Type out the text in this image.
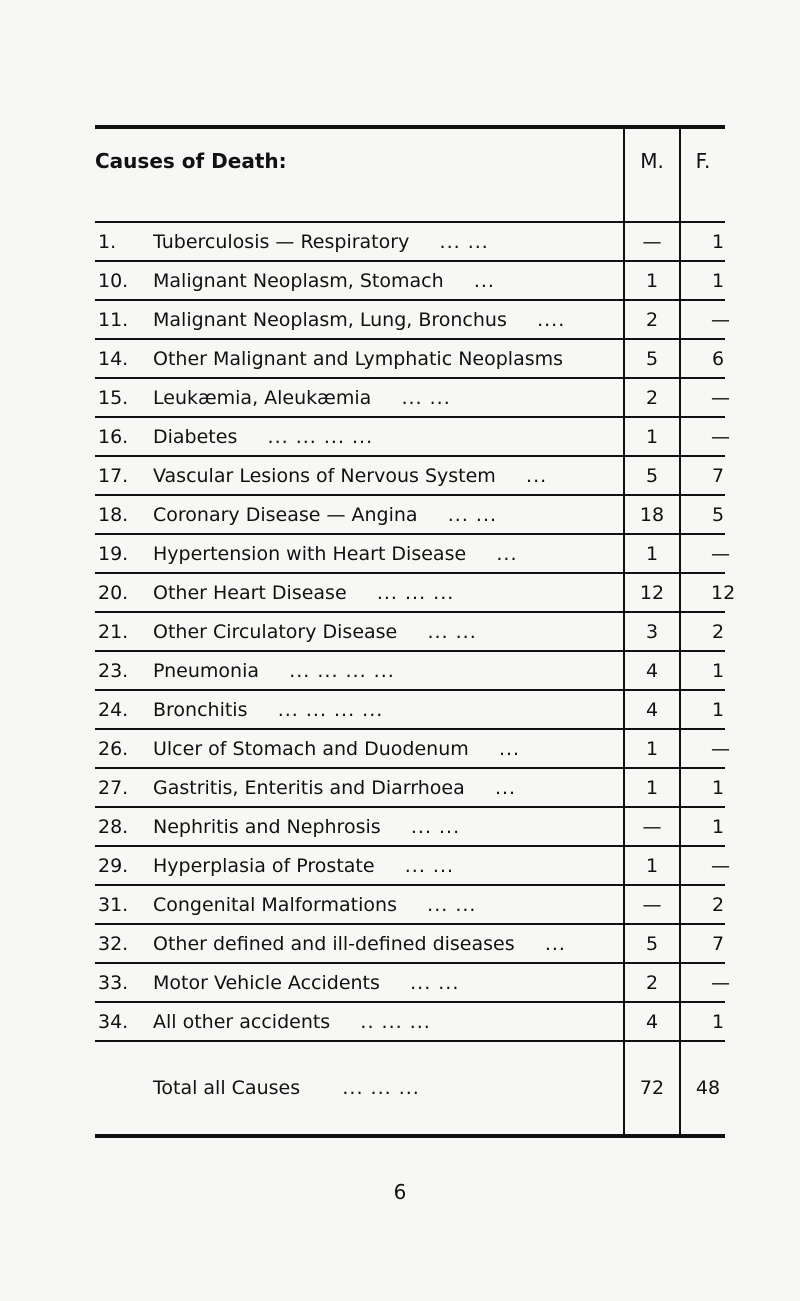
Causes of Death:	M.	F.
1.	Tuberculosis — Respiratory ... ...	—	1
10.	Malignant Neoplasm, Stomach ...	1	1
11.	Malignant Neoplasm, Lung, Bronchus ....	2	—
14.	Other Malignant and Lymphatic Neoplasms	5	6
15.	Leukæmia, Aleukæmia ... ...	2	—
16.	Diabetes ... ... ... ...	1	—
17.	Vascular Lesions of Nervous System ...	5	7
18.	Coronary Disease — Angina ... ...	18	5
19.	Hypertension with Heart Disease ...	1	—
20.	Other Heart Disease ... ... ...	12	12
21.	Other Circulatory Disease ... ...	3	2
23.	Pneumonia ... ... ... ...	4	1
24.	Bronchitis ... ... ... ...	4	1
26.	Ulcer of Stomach and Duodenum ...	1	—
27.	Gastritis, Enteritis and Diarrhoea ...	1	1
28.	Nephritis and Nephrosis ... ...	—	1
29.	Hyperplasia of Prostate ... ...	1	—
31.	Congenital Malformations ... ...	—	2
32.	Other defined and ill-defined diseases ...	5	7
33.	Motor Vehicle Accidents ... ...	2	—
34.	All other accidents .. ... ...	4	1
Total all Causes ... ... ...	72	48
6
